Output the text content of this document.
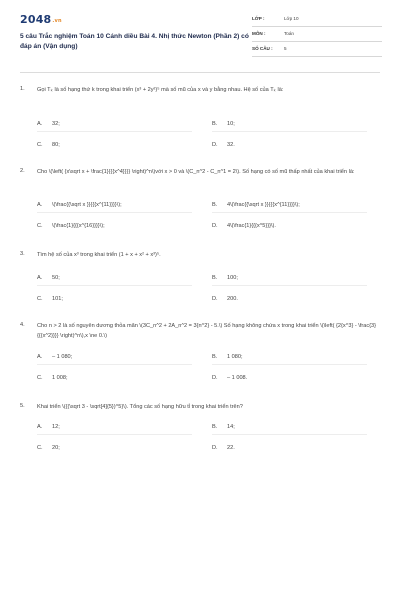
2048.vn
5 câu Trắc nghiệm Toán 10 Cánh diều Bài 4. Nhị thức Newton (Phần 2) có đáp án (Vận dụng)
LỚP :	Lớp 10
MÔN :	Toán
SỐ CÂU : 5
1. Gọi Tₖ là số hạng thứ k trong khai triển (x³ + 2y²)⁵ mà số mũ của x và y bằng nhau. Hệ số của Tₖ là:
A. 32;	B. 10;
C. 80;	D. 32.
2. Cho \(\left( {x\sqrt x + \frac{1}{{{x^4}}}} \right)^n\)với x > 0 và \(C_n^2 - C_n^1 = 2\). Số hạng có số mũ thấp nhất của khai triển là:
A. \(\frac{{\sqrt x }}{{{x^{11}}}}\);	B. 4\(\frac{{\sqrt x }}{{{x^{11}}}}\);
C. \(\frac{1}{{{x^{16}}}}\);	D. 4\(\frac{1}{{{x^5}}}\).
3. Tìm hệ số của x³ trong khai triển (1 + x + x² + x³)⁵.
A. 50;	B. 100;
C. 101;	D. 200.
4. Cho n > 2 là số nguyên dương thỏa mãn \(3C_n^2 + 2A_n^2 = 3{n^2} - 5.\) Số hạng không chứa x trong khai triển \(\left( {2{x^3} - \frac{3}{{{x^2}}}} \right)^n\),x \ne 0.\)
A. – 1 080;	B. 1 080;
C. 1 008;	D. – 1 008.
5. Khai triển \({(\sqrt 3 - \sqrt[4]{5})^5}\). Tổng các số hạng hữu tỉ trong khai triển trên?
A. 12;	B. 14;
C. 20;	D. 22.
